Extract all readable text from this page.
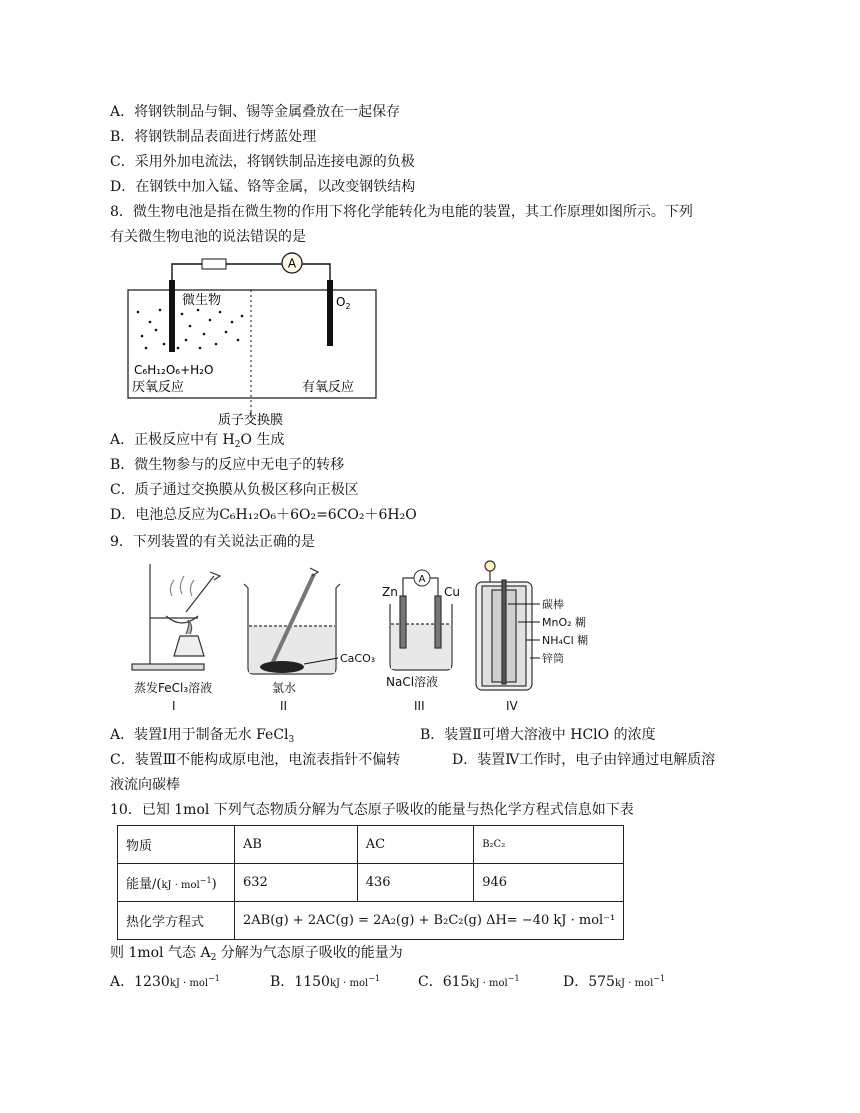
A．将钢铁制品与铜、锡等金属叠放在一起保存
B．将钢铁制品表面进行烤蓝处理
C．采用外加电流法，将钢铁制品连接电源的负极
D．在钢铁中加入锰、铬等金属，以改变钢铁结构
8．微生物电池是指在微生物的作用下将化学能转化为电能的装置，其工作原理如图所示。下列
有关微生物电池的说法错误的是
A
微生物	$O_2$
C₆H₁₂O₆+H₂O
厌氧反应	有氧反应
质子交换膜
A．正极反应中有 $H_2O$ 生成
B．微生物参与的反应中无电子的转移
C．质子通过交换膜从负极区移向正极区
D．电池总反应为C₆H₁₂O₆＋6O₂=6CO₂＋6H₂O
9．下列装置的有关说法正确的是
蒸发FeCl₃溶液
I
CaCO₃
氯水
II
A
Zn	Cu
NaCl溶液
III
碳棒
MnO₂ 糊
NH₄Cl 糊
锌筒
IV
A．装置Ⅰ用于制备无水 FeCl$_3$	B．装置Ⅱ可增大溶液中 HClO 的浓度
C．装置Ⅲ不能构成原电池，电流表指针不偏转	D．装置Ⅳ工作时，电子由锌通过电解质溶
液流向碳棒
10．已知 1mol 下列气态物质分解为气态原子吸收的能量与热化学方程式信息如下表
物质	AB	AC	B₂C₂
能量/(kJ · mol$^{-1}$)	632	436	946
热化学方程式	2AB(g) + 2AC(g) = 2A₂(g) + B₂C₂(g) ΔH= −40 kJ · mol⁻¹		
则 1mol 气态 $A_2$ 分解为气态原子吸收的能量为
A．1230kJ · mol$^{-1}$	B．1150kJ · mol$^{-1}$	C．615kJ · mol$^{-1}$	D．575kJ · mol$^{-1}$
